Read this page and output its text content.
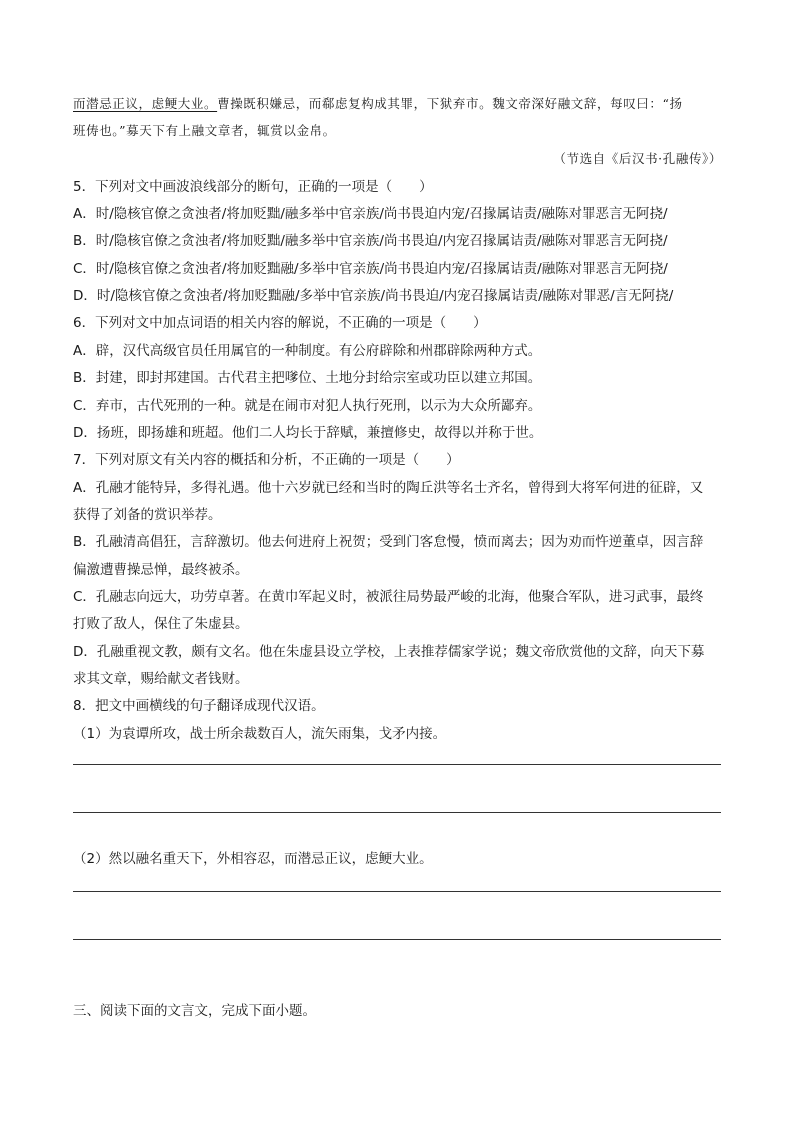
而潜忌正议，虑鲠大业。曹操既积嫌忌，而郗虑复构成其罪，下狱弃市。魏文帝深好融文辞，每叹曰：“扬
班俦也。”募天下有上融文章者，辄赏以金帛。
（节选自《后汉书·孔融传》）
5．下列对文中画波浪线部分的断句，正确的一项是（　　）
A．时/隐核官僚之贪浊者/将加贬黜/融多举中官亲族/尚书畏迫内宠/召掾属诘责/融陈对罪恶言无阿挠/
B．时/隐核官僚之贪浊者/将加贬黜/融多举中官亲族/尚书畏迫/内宠召掾属诘责/融陈对罪恶言无阿挠/
C．时/隐核官僚之贪浊者/将加贬黜融/多举中官亲族/尚书畏迫内宠/召掾属诘责/融陈对罪恶言无阿挠/
D．时/隐核官僚之贪浊者/将加贬黜融/多举中官亲族/尚书畏迫/内宠召掾属诘责/融陈对罪恶/言无阿挠/
6．下列对文中加点词语的相关内容的解说，不正确的一项是（　　）
A．辟，汉代高级官员任用属官的一种制度。有公府辟除和州郡辟除两种方式。
B．封建，即封邦建国。古代君主把嗲位、土地分封给宗室或功臣以建立邦国。
C．弃市，古代死刑的一种。就是在闹市对犯人执行死刑，以示为大众所鄙弃。
D．扬班，即扬雄和班超。他们二人均长于辞赋，兼擅修史，故得以并称于世。
7．下列对原文有关内容的概括和分析，不正确的一项是（　　）
A．孔融才能特异，多得礼遇。他十六岁就已经和当时的陶丘洪等名士齐名，曾得到大将军何进的征辟，又
获得了刘备的赏识举荐。
B．孔融清高倡狂，言辞激切。他去何进府上祝贺；受到门客怠慢，愤而离去；因为劝而忤逆董卓，因言辞
偏激遭曹操忌惮，最终被杀。
C．孔融志向远大，功劳卓著。在黄巾军起义时，被派往局势最严峻的北海，他聚合军队，进习武事，最终
打败了敌人，保住了朱虚县。
D．孔融重视文教，颇有文名。他在朱虚县设立学校，上表推荐儒家学说；魏文帝欣赏他的文辞，向天下募
求其文章，赐给献文者钱财。
8．把文中画横线的句子翻译成现代汉语。
（1）为袁谭所攻，战士所余裁数百人，流矢雨集，戈矛内接。
（2）然以融名重天下，外相容忍，而潜忌正议，虑鲠大业。
三、阅读下面的文言文，完成下面小题。
